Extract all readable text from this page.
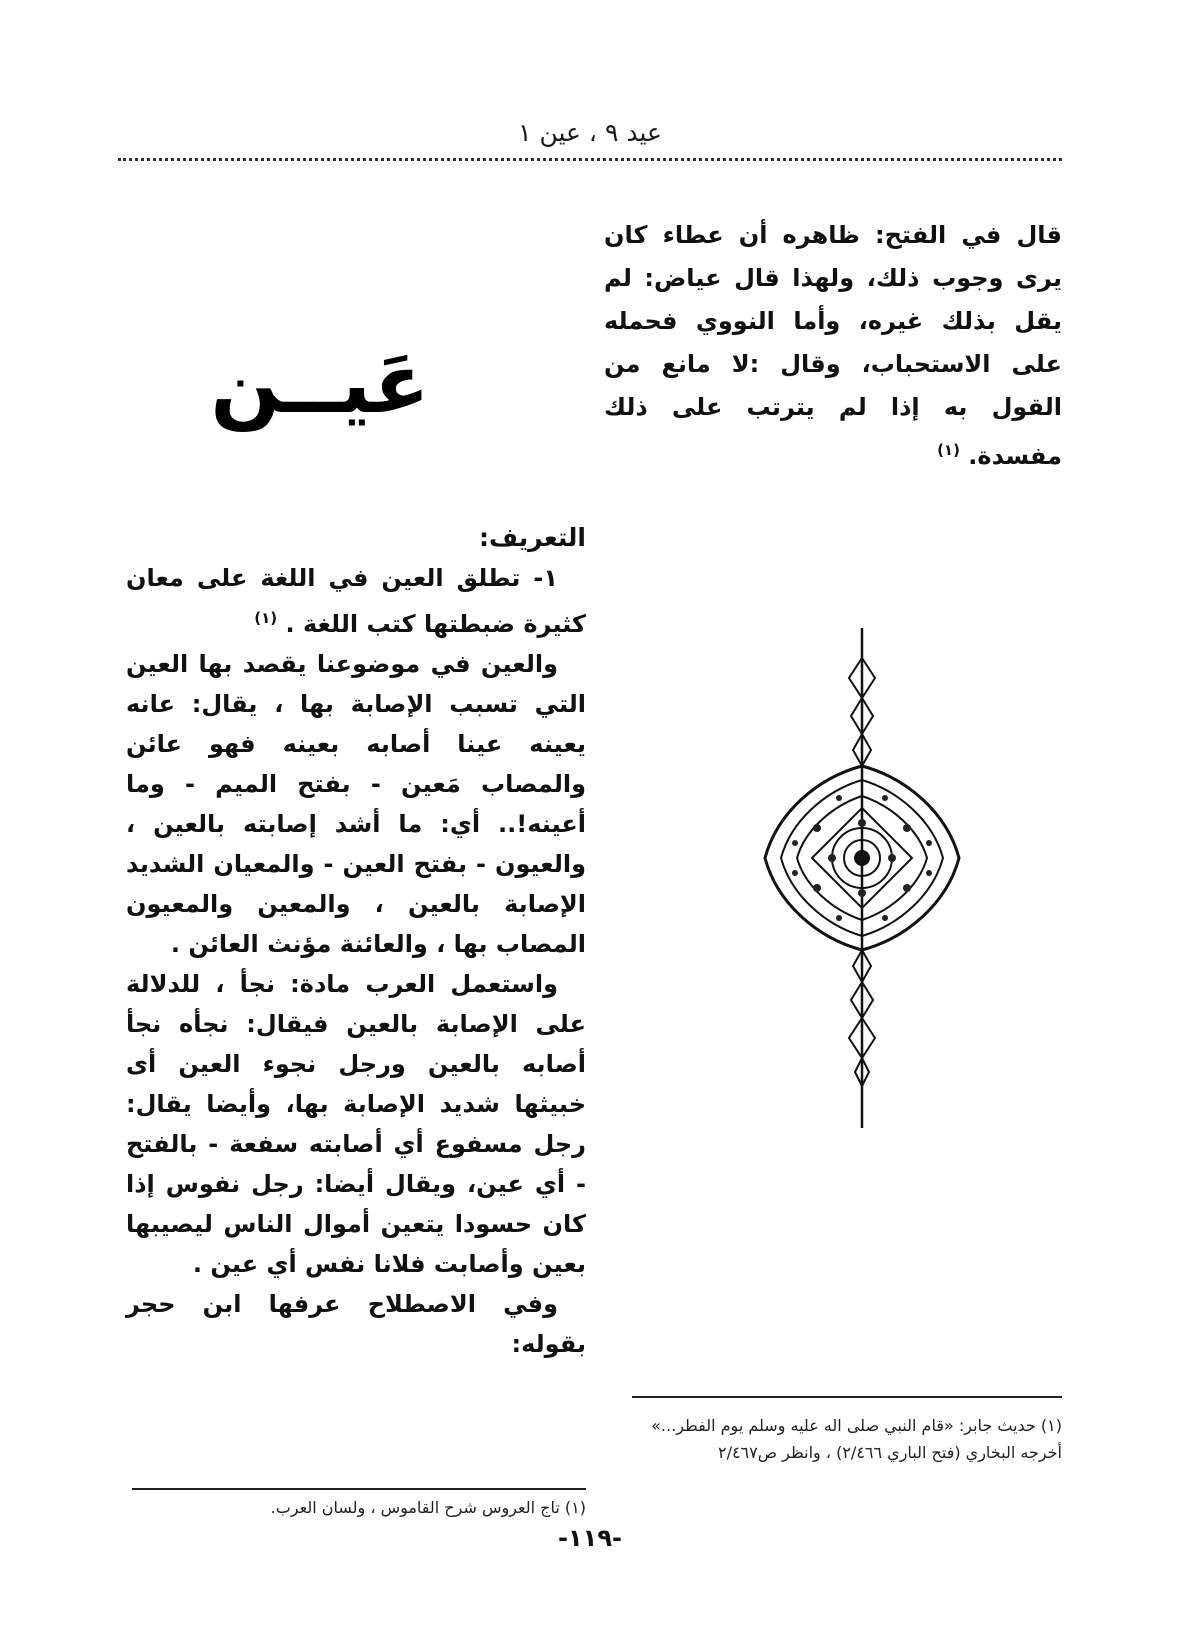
عيد ٩ ، عين ١
قال في الفتح: ظاهره أن عطاء كان يرى وجوب ذلك، ولهذا قال عياض: لم يقل بذلك غيره، وأما النووي فحمله على الاستحباب، وقال :لا مانع من القول به إذا لم يترتب على ذلك مفسدة. $^{(١)}$
عَيــن

التعريف:

١- تطلق العين في اللغة على معان كثيرة ضبطتها كتب اللغة . $^{(١)}$

والعين في موضوعنا يقصد بها العين التي تسبب الإصابة بها ، يقال: عانه يعينه عينا أصابه بعينه فهو عائن والمصاب مَعين - بفتح الميم - وما أعينه!.. أي: ما أشد إصابته بالعين ، والعيون - بفتح العين - والمعيان الشديد الإصابة بالعين ، والمعين والمعيون المصاب بها ، والعائنة مؤنث العائن .

واستعمل العرب مادة: نجأ ، للدلالة على الإصابة بالعين فيقال: نجأه نجأ أصابه بالعين ورجل نجوء العين أى خبيثها شديد الإصابة بها، وأيضا يقال: رجل مسفوع أي أصابته سفعة - بالفتح - أي عين، ويقال أيضا: رجل نفوس إذا كان حسودا يتعين أموال الناس ليصيبها بعين وأصابت فلانا نفس أي عين .

وفي الاصطلاح عرفها ابن حجر بقوله:

(١) حديث جابر: «قام النبي صلى اله عليه وسلم يوم الفطر...»

أخرجه البخاري (فتح الباري ٢/٤٦٦) ، وانظر ص٢/٤٦٧

(١) تاج العروس شرح القاموس ، ولسان العرب.
-١١٩-
